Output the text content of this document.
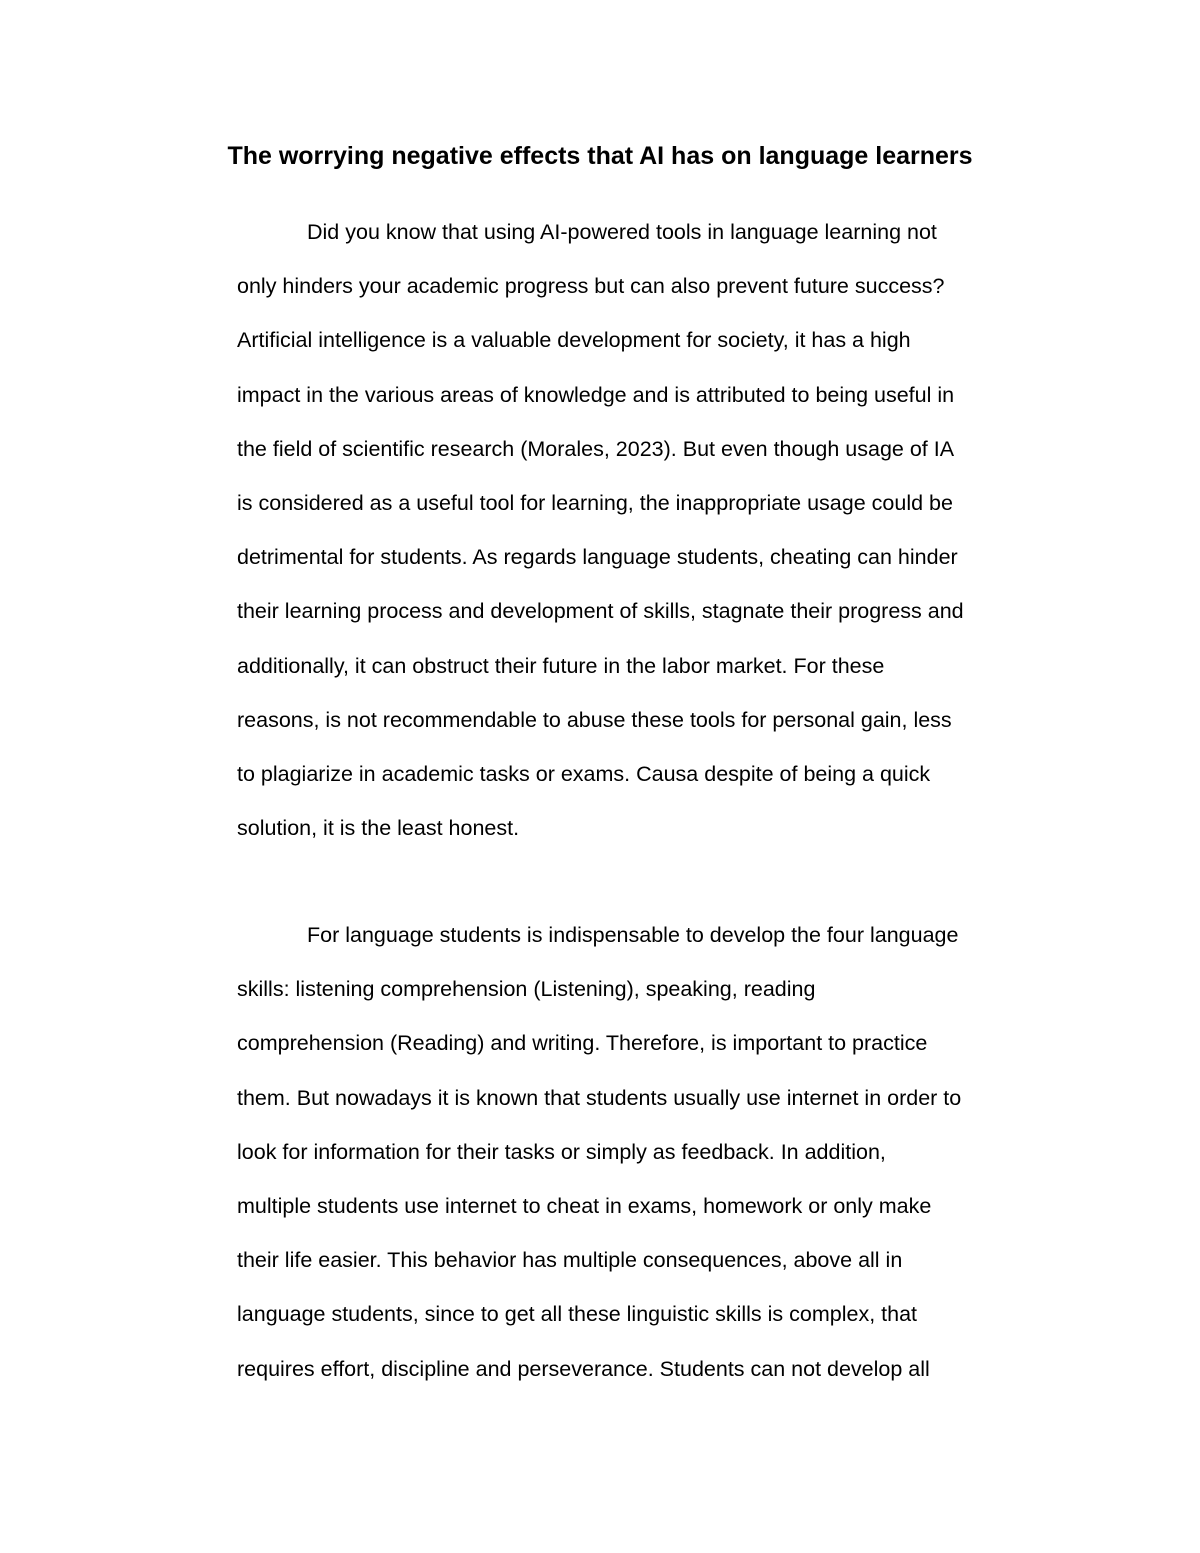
The worrying negative effects that AI has on language learners

Did you know that using AI-powered tools in language learning not
only hinders your academic progress but can also prevent future success?
Artificial intelligence is a valuable development for society, it has a high
impact in the various areas of knowledge and is attributed to being useful in
the field of scientific research (Morales, 2023). But even though usage of IA
is considered as a useful tool for learning, the inappropriate usage could be
detrimental for students. As regards language students, cheating can hinder
their learning process and development of skills, stagnate their progress and
additionally, it can obstruct their future in the labor market. For these
reasons, is not recommendable to abuse these tools for personal gain, less
to plagiarize in academic tasks or exams. Causa despite of being a quick
solution, it is the least honest.

For language students is indispensable to develop the four language
skills: listening comprehension (Listening), speaking, reading
comprehension (Reading) and writing. Therefore, is important to practice
them. But nowadays it is known that students usually use internet in order to
look for information for their tasks or simply as feedback. In addition,
multiple students use internet to cheat in exams, homework or only make
their life easier. This behavior has multiple consequences, above all in
language students, since to get all these linguistic skills is complex, that
requires effort, discipline and perseverance. Students can not develop all
